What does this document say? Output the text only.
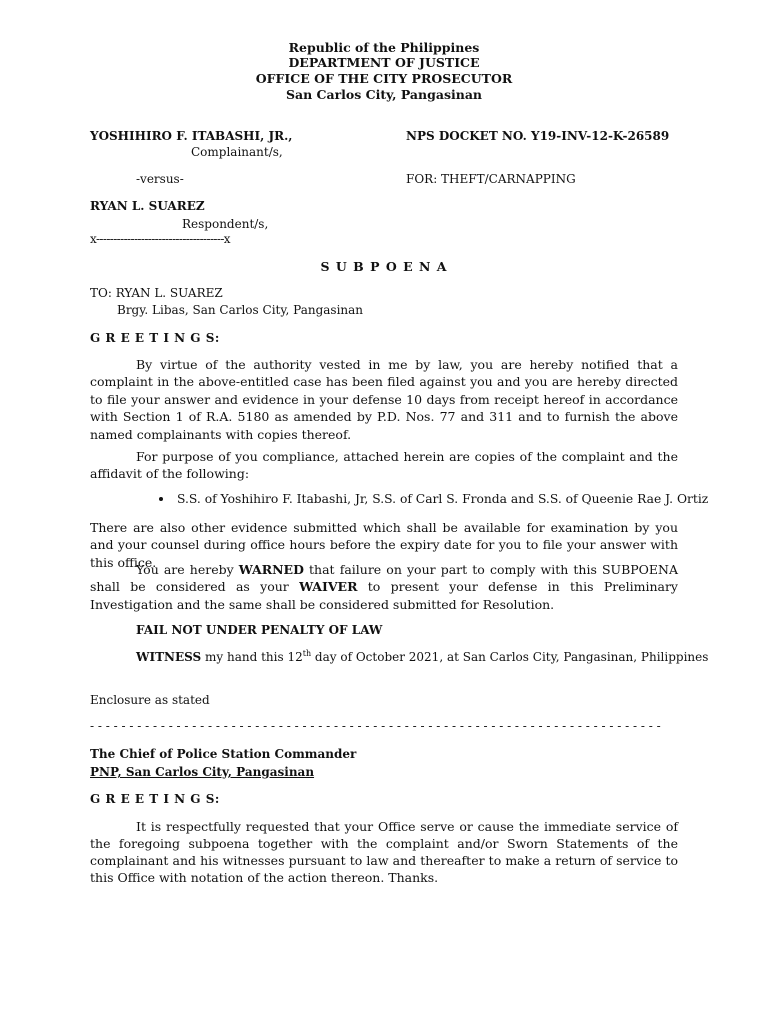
Republic of the Philippines
DEPARTMENT OF JUSTICE
OFFICE OF THE CITY PROSECUTOR
San Carlos City, Pangasinan
YOSHIHIRO F. ITABASHI, JR.,	NPS DOCKET NO. Y19-INV-12-K-26589
Complainant/s,
-versus-	FOR: THEFT/CARNAPPING
RYAN L. SUAREZ
Respondent/s,
x-------------------------------------x
S U B P O E N A
TO: RYAN L. SUAREZ
Brgy. Libas, San Carlos City, Pangasinan
G R E E T I N G S:
By virtue of the authority vested in me by law, you are hereby notified that a complaint in the above-entitled case has been filed against you and you are hereby directed to file your answer and evidence in your defense 10 days from receipt hereof in accordance with Section 1 of R.A. 5180 as amended by P.D. Nos. 77 and 311 and to furnish the above named complainants with copies thereof.
For purpose of you compliance, attached herein are copies of the complaint and the affidavit of the following:
S.S. of Yoshihiro F. Itabashi, Jr, S.S. of Carl S. Fronda and S.S. of Queenie Rae J. Ortiz
There are also other evidence submitted which shall be available for examination by you and your counsel during office hours before the expiry date for you to file your answer with this office.
You are hereby WARNED that failure on your part to comply with this SUBPOENA shall be considered as your WAIVER to present your defense in this Preliminary Investigation and the same shall be considered submitted for Resolution.
FAIL NOT UNDER PENALTY OF LAW
WITNESS my hand this 12th day of October 2021, at San Carlos City, Pangasinan, Philippines
Enclosure as stated
- - - - - - - - - - - - - - - - - - - - - - - - - - - - - - - - - - - - - - - - - - - - - - - - - - - - - - - - - - - - - - - - - - - - - - - - -
The Chief of Police Station Commander
PNP, San Carlos City, Pangasinan
G R E E T I N G S:
It is respectfully requested that your Office serve or cause the immediate service of the foregoing subpoena together with the complaint and/or Sworn Statements of the complainant and his witnesses pursuant to law and thereafter to make a return of service to this Office with notation of the action thereon. Thanks.
